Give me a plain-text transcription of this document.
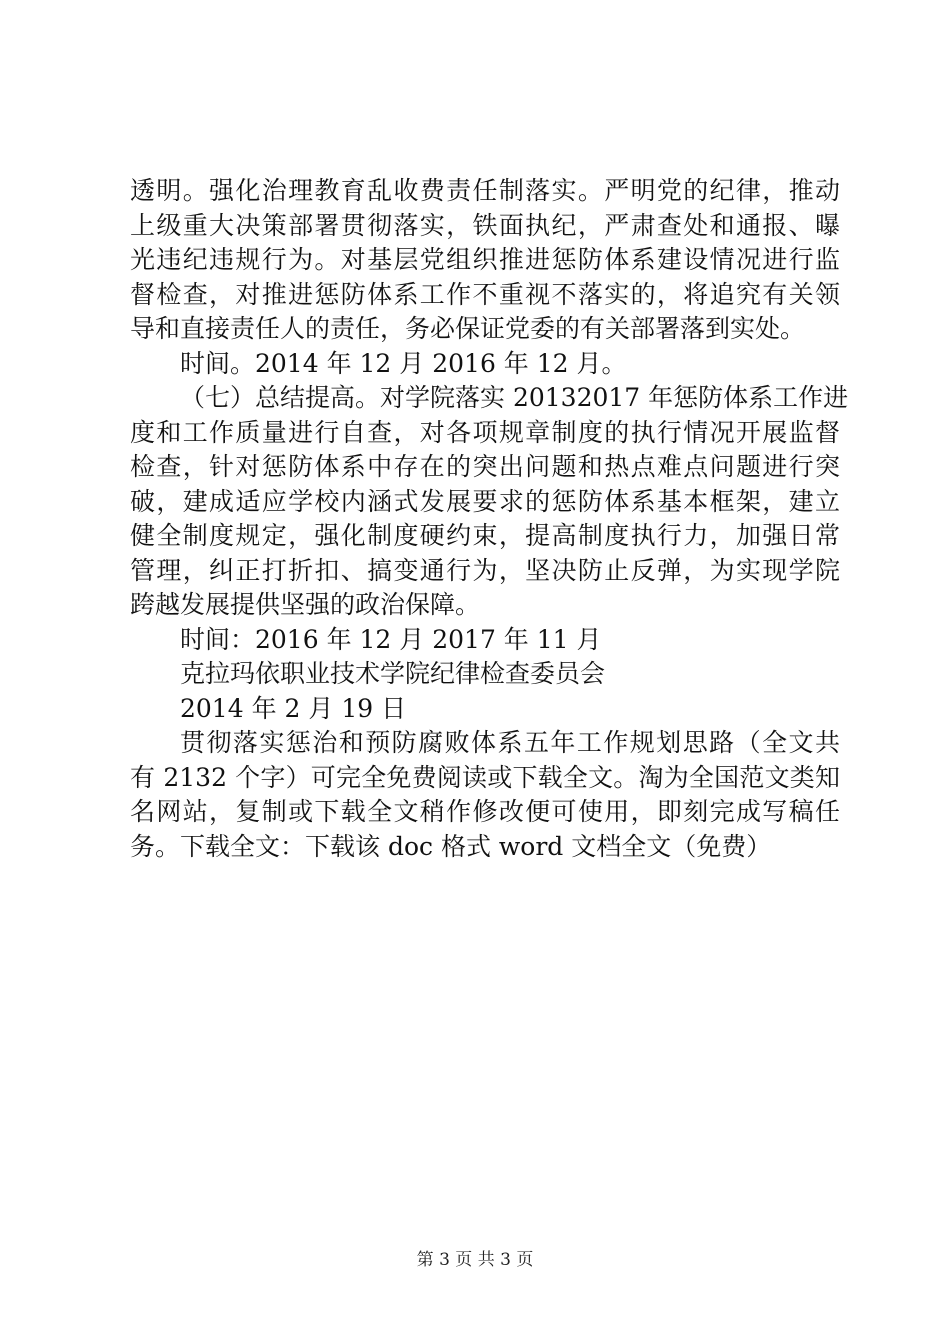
透明。强化治理教育乱收费责任制落实。严明党的纪律，推动
上级重大决策部署贯彻落实，铁面执纪，严肃查处和通报、曝
光违纪违规行为。对基层党组织推进惩防体系建设情况进行监
督检查，对推进惩防体系工作不重视不落实的，将追究有关领
导和直接责任人的责任，务必保证党委的有关部署落到实处。
时间。2014 年 12 月 2016 年 12 月。
（七）总结提高。对学院落实 20132017 年惩防体系工作进
度和工作质量进行自查，对各项规章制度的执行情况开展监督
检查，针对惩防体系中存在的突出问题和热点难点问题进行突
破，建成适应学校内涵式发展要求的惩防体系基本框架，建立
健全制度规定，强化制度硬约束，提高制度执行力，加强日常
管理，纠正打折扣、搞变通行为，坚决防止反弹，为实现学院
跨越发展提供坚强的政治保障。
时间：2016 年 12 月 2017 年 11 月
克拉玛依职业技术学院纪律检查委员会
2014 年 2 月 19 日
贯彻落实惩治和预防腐败体系五年工作规划思路（全文共
有 2132 个字）可完全免费阅读或下载全文。淘为全国范文类知
名网站，复制或下载全文稍作修改便可使用，即刻完成写稿任
务。下载全文：下载该 doc 格式 word 文档全文（免费）
第 3 页 共 3 页
